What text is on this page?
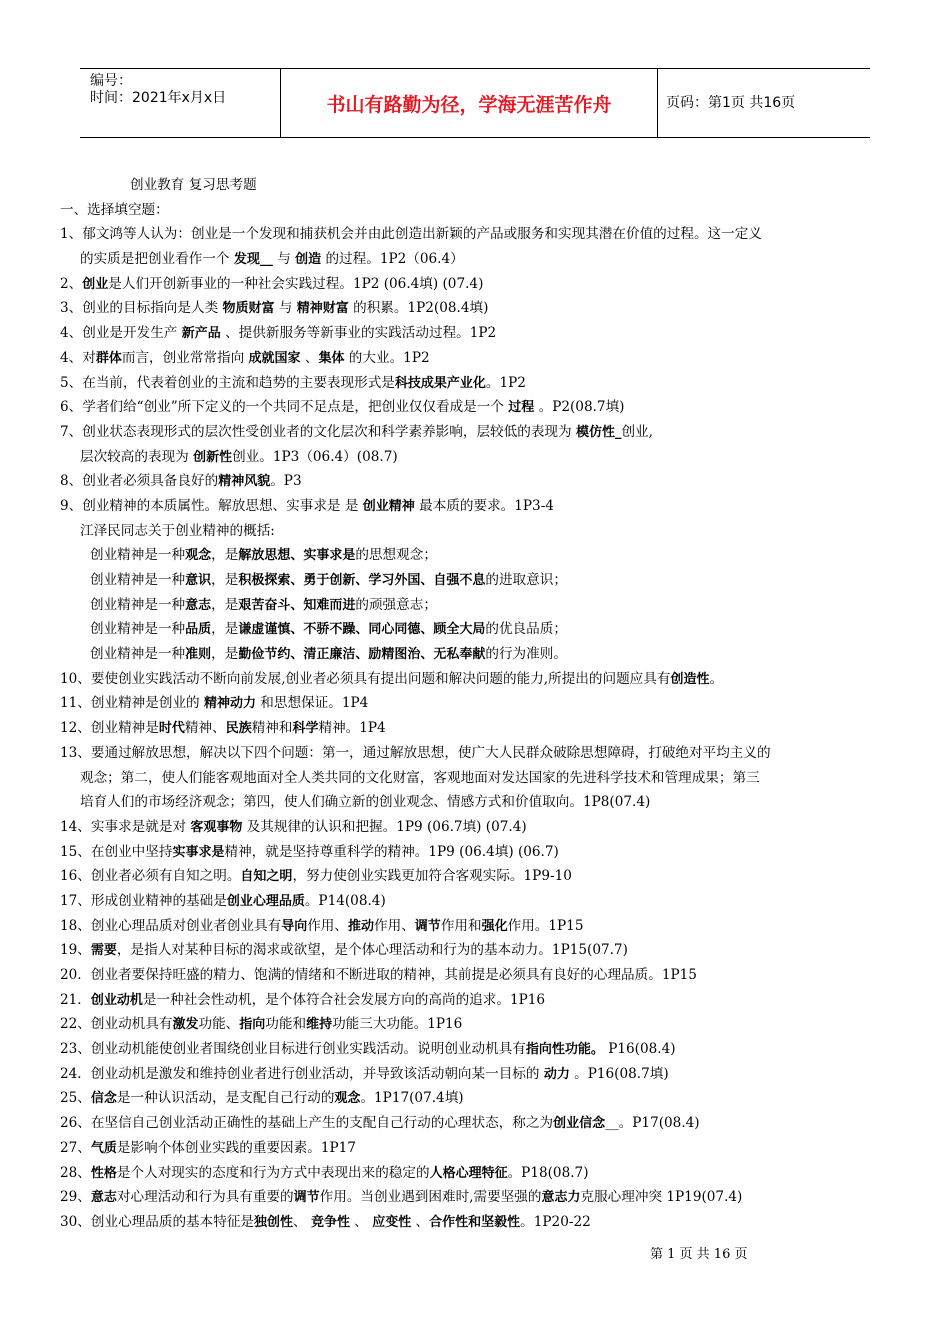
编号：
时间：2021年x月x日	书山有路勤为径，学海无涯苦作舟	页码：第1页 共16页
创业教育 复习思考题
一、选择填空题：
1、郁文鸿等人认为：创业是一个发现和捕获机会并由此创造出新颖的产品或服务和实现其潜在价值的过程。这一定义
的实质是把创业看作一个 发现__ 与 创造 的过程。1P2（06.4）
2、创业是人们开创新事业的一种社会实践过程。1P2 (06.4填) (07.4)
3、创业的目标指向是人类 物质财富 与 精神财富 的积累。1P2(08.4填)
4、创业是开发生产 新产品 、提供新服务等新事业的实践活动过程。1P2
4、对群体而言，创业常常指向 成就国家 、集体 的大业。1P2
5、在当前，代表着创业的主流和趋势的主要表现形式是科技成果产业化。1P2
6、学者们给“创业”所下定义的一个共同不足点是，把创业仅仅看成是一个 过程 。P2(08.7填)
7、创业状态表现形式的层次性受创业者的文化层次和科学素养影响，层较低的表现为 模仿性_创业,
层次较高的表现为 创新性创业。1P3（06.4）(08.7)
8、创业者必须具备良好的精神风貌。P3
9、创业精神的本质属性。解放思想、实事求是 是 创业精神 最本质的要求。1P3-4
江泽民同志关于创业精神的概括:
创业精神是一种观念，是解放思想、实事求是的思想观念；
创业精神是一种意识，是积极探索、勇于创新、学习外国、自强不息的进取意识；
创业精神是一种意志，是艰苦奋斗、知难而进的顽强意志；
创业精神是一种品质，是谦虚谨慎、不骄不躁、同心同德、顾全大局的优良品质；
创业精神是一种准则，是勤俭节约、清正廉洁、励精图治、无私奉献的行为准则。
10、要使创业实践活动不断向前发展,创业者必须具有提出问题和解决问题的能力,所提出的问题应具有创造性。
11、创业精神是创业的 精神动力 和思想保证。1P4
12、创业精神是时代精神、民族精神和科学精神。1P4
13、要通过解放思想，解决以下四个问题：第一，通过解放思想，使广大人民群众破除思想障碍，打破绝对平均主义的
观念；第二，使人们能客观地面对全人类共同的文化财富，客观地面对发达国家的先进科学技术和管理成果；第三
培育人们的市场经济观念；第四，使人们确立新的创业观念、情感方式和价值取向。1P8(07.4)
14、实事求是就是对 客观事物 及其规律的认识和把握。1P9 (06.7填) (07.4)
15、在创业中坚持实事求是精神，就是坚持尊重科学的精神。1P9 (06.4填) (06.7)
16、创业者必须有自知之明。自知之明，努力使创业实践更加符合客观实际。1P9-10
17、形成创业精神的基础是创业心理品质。P14(08.4)
18、创业心理品质对创业者创业具有导向作用、推动作用、调节作用和强化作用。1P15
19、需要，是指人对某种目标的渴求或欲望，是个体心理活动和行为的基本动力。1P15(07.7)
20．创业者要保持旺盛的精力、饱满的情绪和不断进取的精神，其前提是必须具有良好的心理品质。1P15
21．创业动机是一种社会性动机，是个体符合社会发展方向的高尚的追求。1P16
22、创业动机具有激发功能、指向功能和维持功能三大功能。1P16
23、创业动机能使创业者围绕创业目标进行创业实践活动。说明创业动机具有指向性功能。 P16(08.4)
24．创业动机是激发和维持创业者进行创业活动，并导致该活动朝向某一目标的 动力 。P16(08.7填)
25、信念是一种认识活动，是支配自己行动的观念。1P17(07.4填)
26、在坚信自己创业活动正确性的基础上产生的支配自己行动的心理状态，称之为创业信念__。P17(08.4)
27、气质是影响个体创业实践的重要因素。1P17
28、性格是个人对现实的态度和行为方式中表现出来的稳定的人格心理特征。P18(08.7)
29、意志对心理活动和行为具有重要的调节作用。当创业遇到困难时,需要坚强的意志力克服心理冲突 1P19(07.4)
30、创业心理品质的基本特征是独创性、 竞争性 、 应变性 、合作性和坚毅性。1P20-22
第 1 页 共 16 页
